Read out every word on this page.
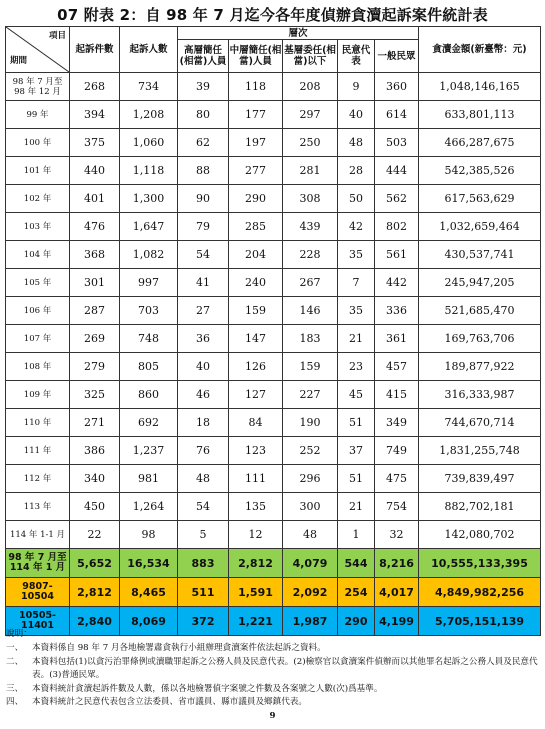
07 附表 2：自 98 年 7 月迄今各年度偵辦貪瀆起訴案件統計表
項目
期間	起訴件數	起訴人數	層次					貪瀆金額(新臺幣：元)
			高層簡任(相當)人員	中層簡任(相當)人員	基層委任(相當)以下	民意代表	一般民眾	
98 年 7 月至 98 年 12 月	268	734	39	118	208	9	360	1,048,146,165
99 年	394	1,208	80	177	297	40	614	633,801,113
100 年	375	1,060	62	197	250	48	503	466,287,675
101 年	440	1,118	88	277	281	28	444	542,385,526
102 年	401	1,300	90	290	308	50	562	617,563,629
103 年	476	1,647	79	285	439	42	802	1,032,659,464
104 年	368	1,082	54	204	228	35	561	430,537,741
105 年	301	997	41	240	267	7	442	245,947,205
106 年	287	703	27	159	146	35	336	521,685,470
107 年	269	748	36	147	183	21	361	169,763,706
108 年	279	805	40	126	159	23	457	189,877,922
109 年	325	860	46	127	227	45	415	316,333,987
110 年	271	692	18	84	190	51	349	744,670,714
111 年	386	1,237	76	123	252	37	749	1,831,255,748
112 年	340	981	48	111	296	51	475	739,839,497
113 年	450	1,264	54	135	300	21	754	882,702,181
114 年 1-1 月	22	98	5	12	48	1	32	142,080,702
98 年 7 月至 114 年 1 月	5,652	16,534	883	2,812	4,079	544	8,216	10,555,133,395
9807-10504	2,812	8,465	511	1,591	2,092	254	4,017	4,849,982,256
10505-11401	2,840	8,069	372	1,221	1,987	290	4,199	5,705,151,139
說明：
一、	本資料係自 98 年 7 月各地檢署肅貪執行小組辦理貪瀆案件依法起訴之資料。
二、	本資料包括(1)以貪污治罪條例或瀆職罪起訴之公務人員及民意代表。(2)檢察官以貪瀆案件偵辦而以其他罪名起訴之公務人員及民意代表。(3)普通民眾。
三、	本資料統計貪瀆起訴件數及人數，係以各地檢署偵字案號之件數及各案號之人數(次)爲基準。
四、	本資料統計之民意代表包含立法委員、省市議員、縣市議員及鄉鎮代表。
9
